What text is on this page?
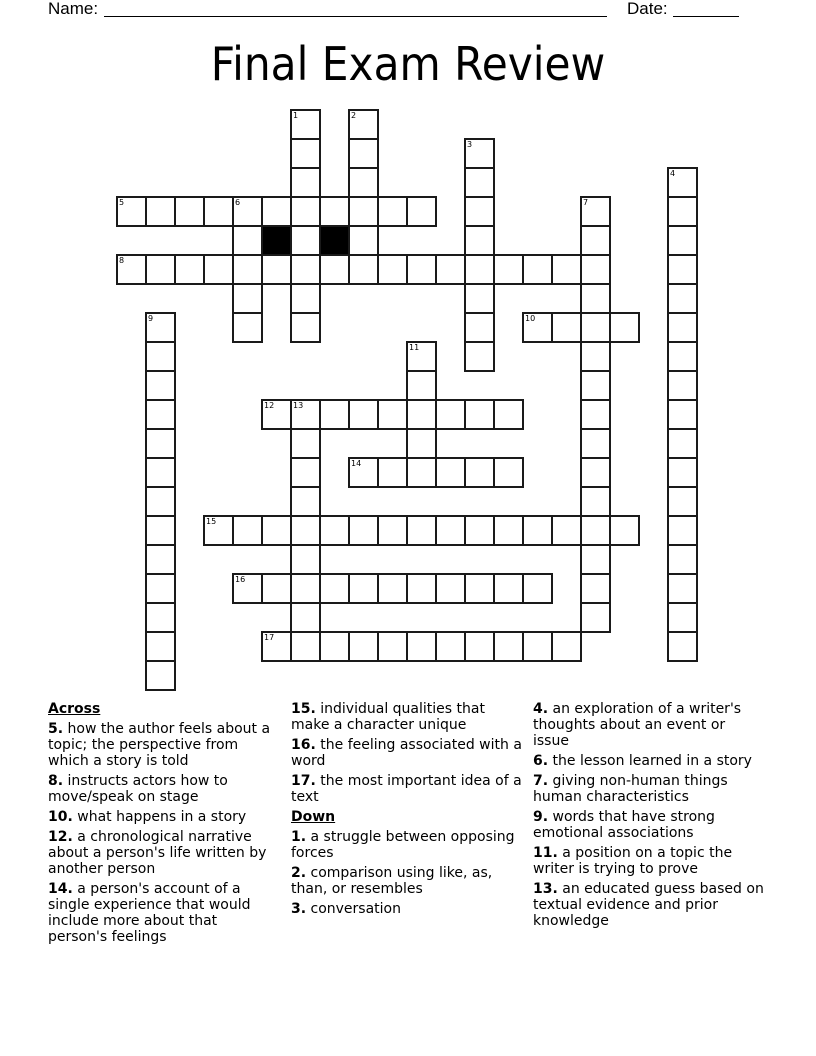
Name:	Date:
Final Exam Review
1	2
3
4
5	6	7
8
9	10
11
12 13
14
15
16
17
Across
5. how the author feels about a topic; the perspective from which a story is told
8. instructs actors how to move/speak on stage
10. what happens in a story
12. a chronological narrative about a person's life written by another person
14. a person's account of a single experience that would include more about that person's feelings
15. individual qualities that make a character unique
16. the feeling associated with a word
17. the most important idea of a text
Down
1. a struggle between opposing forces
2. comparison using like, as, than, or resembles
3. conversation
4. an exploration of a writer's thoughts about an event or issue
6. the lesson learned in a story
7. giving non-human things human characteristics
9. words that have strong emotional associations
11. a position on a topic the writer is trying to prove
13. an educated guess based on textual evidence and prior knowledge
